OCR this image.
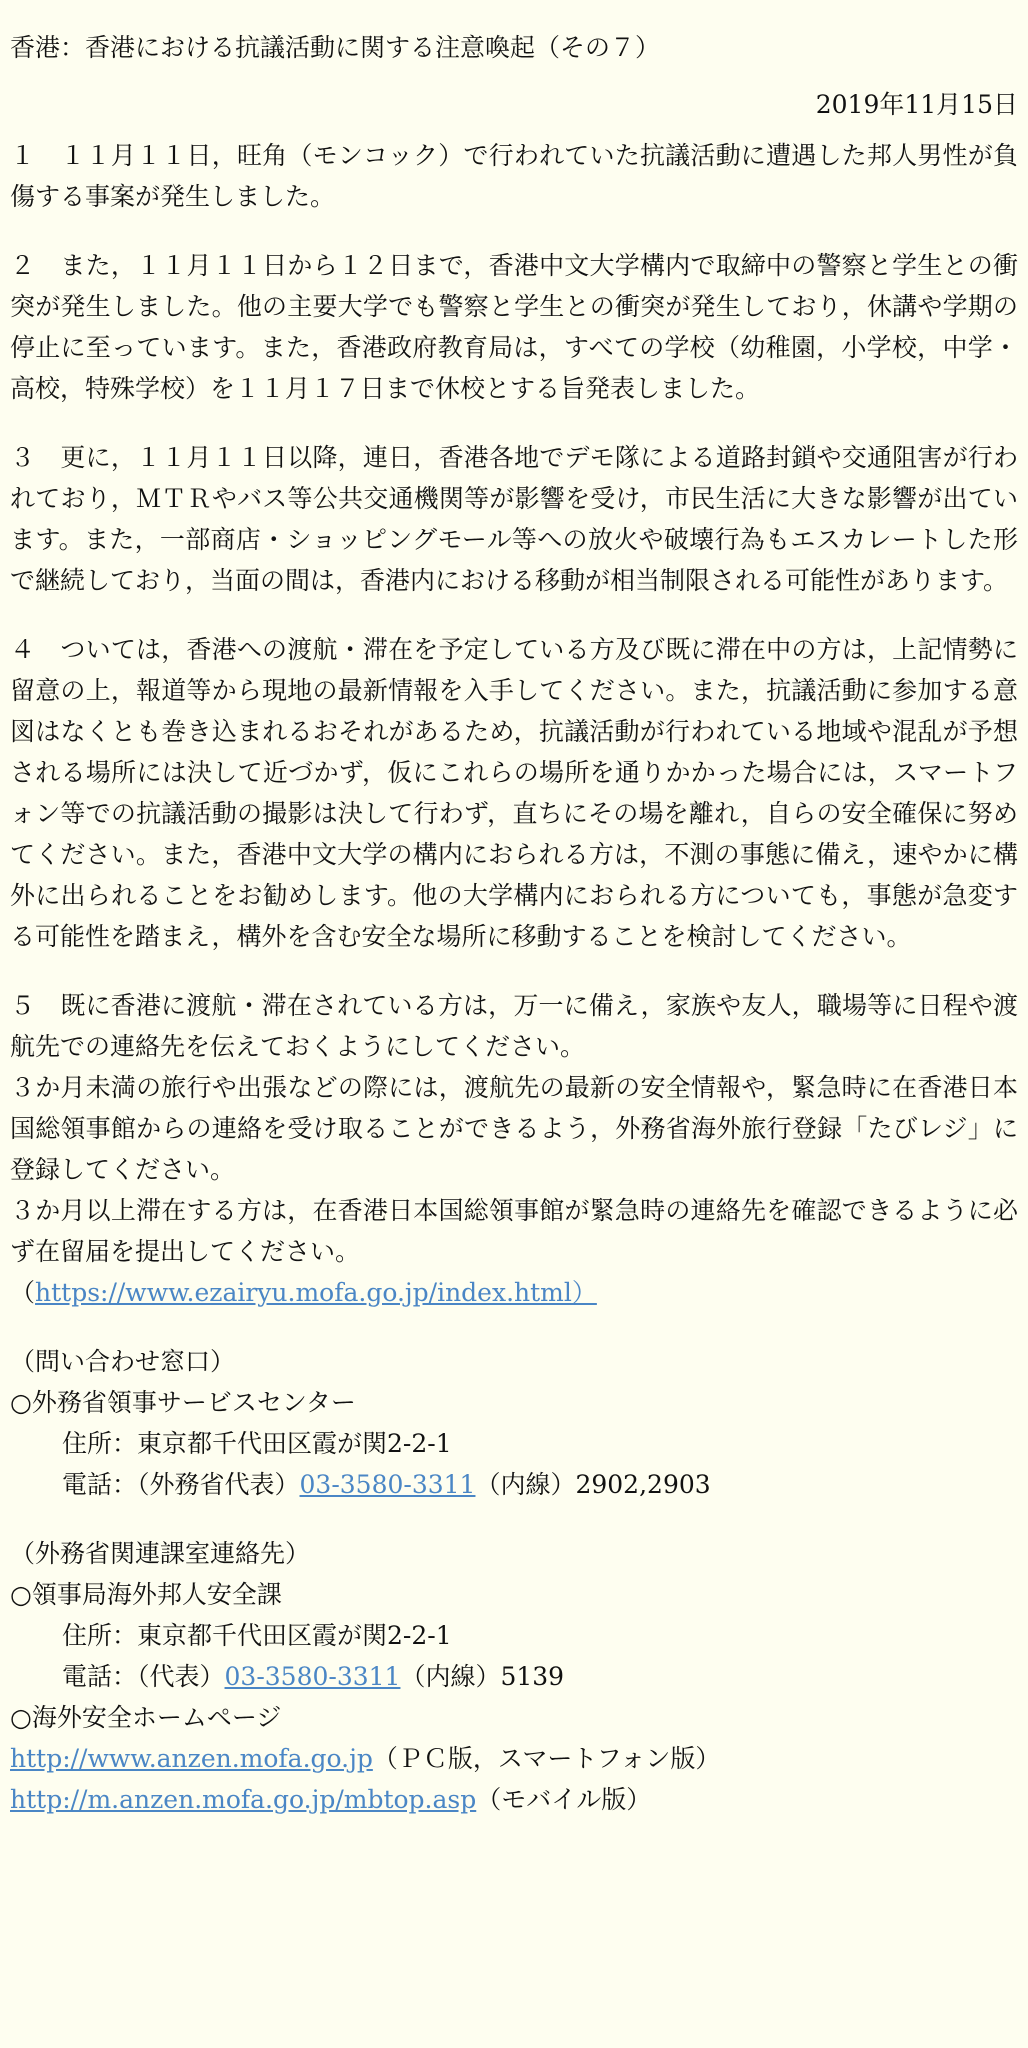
香港：香港における抗議活動に関する注意喚起（その７）
2019年11月15日

１　１１月１１日，旺角（モンコック）で行われていた抗議活動に遭遇した邦人男性が負傷する事案が発生しました。

２　また，１１月１１日から１２日まで，香港中文大学構内で取締中の警察と学生との衝突が発生しました。他の主要大学でも警察と学生との衝突が発生しており，休講や学期の停止に至っています。また，香港政府教育局は，すべての学校（幼稚園，小学校，中学・高校，特殊学校）を１１月１７日まで休校とする旨発表しました。

３　更に，１１月１１日以降，連日，香港各地でデモ隊による道路封鎖や交通阻害が行われており，ＭＴＲやバス等公共交通機関等が影響を受け，市民生活に大きな影響が出ています。また，一部商店・ショッピングモール等への放火や破壊行為もエスカレートした形で継続しており，当面の間は，香港内における移動が相当制限される可能性があります。

４　ついては，香港への渡航・滞在を予定している方及び既に滞在中の方は，上記情勢に留意の上，報道等から現地の最新情報を入手してください。また，抗議活動に参加する意図はなくとも巻き込まれるおそれがあるため，抗議活動が行われている地域や混乱が予想される場所には決して近づかず，仮にこれらの場所を通りかかった場合には，スマートフォン等での抗議活動の撮影は決して行わず，直ちにその場を離れ，自らの安全確保に努めてください。また，香港中文大学の構内におられる方は，不測の事態に備え，速やかに構外に出られることをお勧めします。他の大学構内におられる方についても，事態が急変する可能性を踏まえ，構外を含む安全な場所に移動することを検討してください。

５　既に香港に渡航・滞在されている方は，万一に備え，家族や友人，職場等に日程や渡航先での連絡先を伝えておくようにしてください。

３か月未満の旅行や出張などの際には，渡航先の最新の安全情報や，緊急時に在香港日本国総領事館からの連絡を受け取ることができるよう，外務省海外旅行登録「たびレジ」に登録してください。

３か月以上滞在する方は，在香港日本国総領事館が緊急時の連絡先を確認できるように必ず在留届を提出してください。

（https://www.ezairyu.mofa.go.jp/index.html）
（問い合わせ窓口）
○外務省領事サービスセンター
住所：東京都千代田区霞が関2-2-1
電話：（外務省代表）03-3580-3311（内線）2902,2903
（外務省関連課室連絡先）
○領事局海外邦人安全課
住所：東京都千代田区霞が関2-2-1
電話：（代表）03-3580-3311（内線）5139
○海外安全ホームページ
http://www.anzen.mofa.go.jp（ＰＣ版，スマートフォン版）
http://m.anzen.mofa.go.jp/mbtop.asp（モバイル版）
